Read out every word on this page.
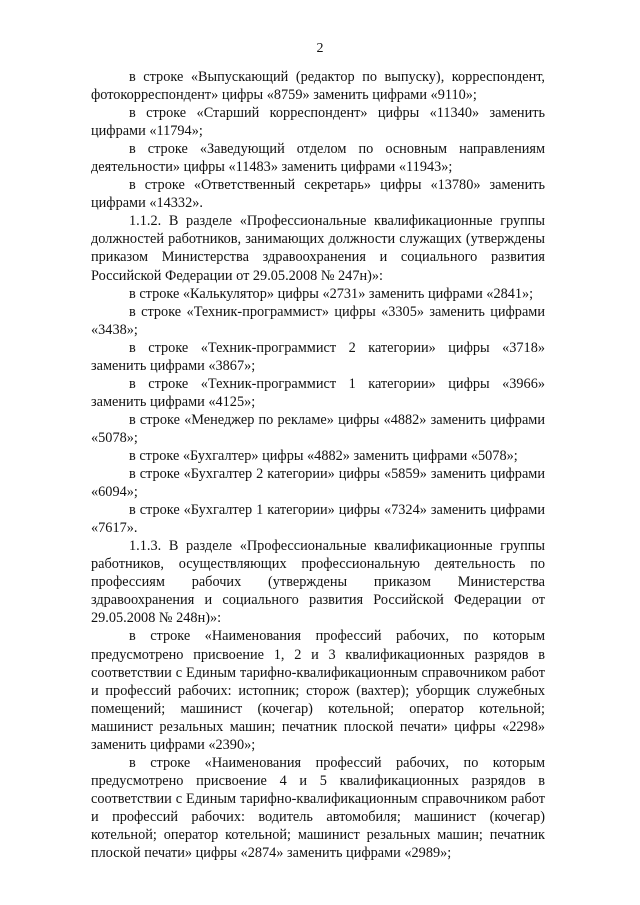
2

в строке «Выпускающий (редактор по выпуску), корреспондент, фотокорреспондент» цифры «8759» заменить цифрами «9110»;

в строке «Старший корреспондент» цифры «11340» заменить цифрами «11794»;

в строке «Заведующий отделом по основным направлениям деятельности» цифры «11483» заменить цифрами «11943»;

в строке «Ответственный секретарь» цифры «13780» заменить цифрами «14332».

1.1.2. В разделе «Профессиональные квалификационные группы должностей работников, занимающих должности служащих (утверждены приказом Министерства здравоохранения и социального развития Российской Федерации от 29.05.2008 № 247н)»:

в строке «Калькулятор» цифры «2731» заменить цифрами «2841»;

в строке «Техник-программист» цифры «3305» заменить цифрами «3438»;

в строке «Техник-программист 2 категории» цифры «3718» заменить цифрами «3867»;

в строке «Техник-программист 1 категории» цифры «3966» заменить цифрами «4125»;

в строке «Менеджер по рекламе» цифры «4882» заменить цифрами «5078»;

в строке «Бухгалтер» цифры «4882» заменить цифрами «5078»;

в строке «Бухгалтер 2 категории» цифры «5859» заменить цифрами «6094»;

в строке «Бухгалтер 1 категории» цифры «7324» заменить цифрами «7617».

1.1.3. В разделе «Профессиональные квалификационные группы работников, осуществляющих профессиональную деятельность по профессиям рабочих (утверждены приказом Министерства здравоохранения и социального развития Российской Федерации от 29.05.2008 № 248н)»:

в строке «Наименования профессий рабочих, по которым предусмотрено присвоение 1, 2 и 3 квалификационных разрядов в соответствии с Единым тарифно-квалификационным справочником работ и профессий рабочих: истопник; сторож (вахтер); уборщик служебных помещений; машинист (кочегар) котельной; оператор котельной; машинист резальных машин; печатник плоской печати» цифры «2298» заменить цифрами «2390»;

в строке «Наименования профессий рабочих, по которым предусмотрено присвоение 4 и 5 квалификационных разрядов в соответствии с Единым тарифно-квалификационным справочником работ и профессий рабочих: водитель автомобиля; машинист (кочегар) котельной; оператор котельной; машинист резальных машин; печатник плоской печати» цифры «2874» заменить цифрами «2989»;
